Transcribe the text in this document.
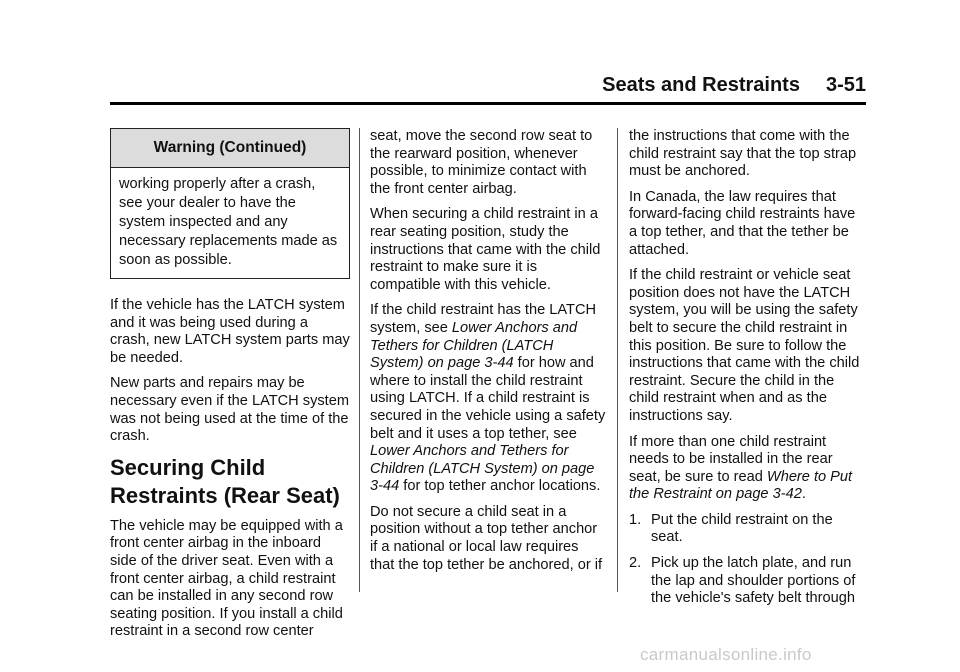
Seats and Restraints 3-51
Warning (Continued)
working properly after a crash, see your dealer to have the system inspected and any necessary replacements made as soon as possible.

If the vehicle has the LATCH system and it was being used during a crash, new LATCH system parts may be needed.

New parts and repairs may be necessary even if the LATCH system was not being used at the time of the crash.

Securing Child Restraints (Rear Seat)

The vehicle may be equipped with a front center airbag in the inboard side of the driver seat. Even with a front center airbag, a child restraint can be installed in any second row seating position. If you install a child restraint in a second row center

seat, move the second row seat to the rearward position, whenever possible, to minimize contact with the front center airbag.

When securing a child restraint in a rear seating position, study the instructions that came with the child restraint to make sure it is compatible with this vehicle.

If the child restraint has the LATCH system, see Lower Anchors and Tethers for Children (LATCH System) on page 3-44 for how and where to install the child restraint using LATCH. If a child restraint is secured in the vehicle using a safety belt and it uses a top tether, see Lower Anchors and Tethers for Children (LATCH System) on page 3-44 for top tether anchor locations.

Do not secure a child seat in a position without a top tether anchor if a national or local law requires that the top tether be anchored, or if

the instructions that come with the child restraint say that the top strap must be anchored.

In Canada, the law requires that forward-facing child restraints have a top tether, and that the tether be attached.

If the child restraint or vehicle seat position does not have the LATCH system, you will be using the safety belt to secure the child restraint in this position. Be sure to follow the instructions that came with the child restraint. Secure the child in the child restraint when and as the instructions say.

If more than one child restraint needs to be installed in the rear seat, be sure to read Where to Put the Restraint on page 3-42.

1. Put the child restraint on the seat.
2. Pick up the latch plate, and run the lap and shoulder portions of the vehicle's safety belt through
carmanualsonline.info
